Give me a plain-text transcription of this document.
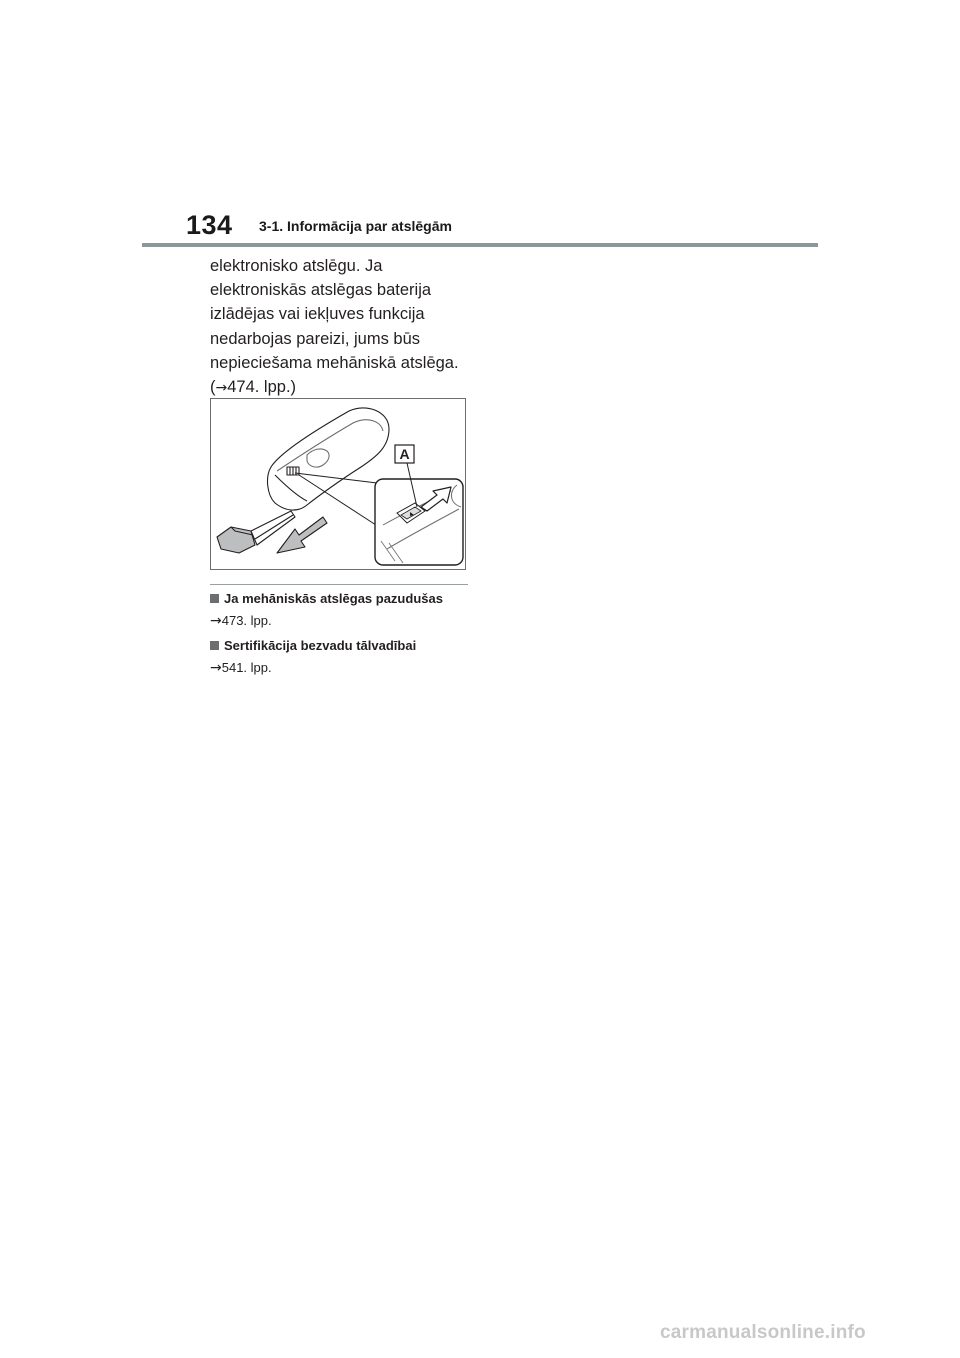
134 3-1. Informācija par atslēgām

elektronisko atslēgu. Ja
elektroniskās atslēgas baterija
izlādējas vai iekļuves funkcija
nedarbojas pareizi, jums būs
nepieciešama mehāniskā atslēga.
(→474. lpp.)

A
Ja mehāniskās atslēgas pazudušas
→473. lpp.
Sertifikācija bezvadu tālvadībai
→541. lpp.
carmanualsonline.info
